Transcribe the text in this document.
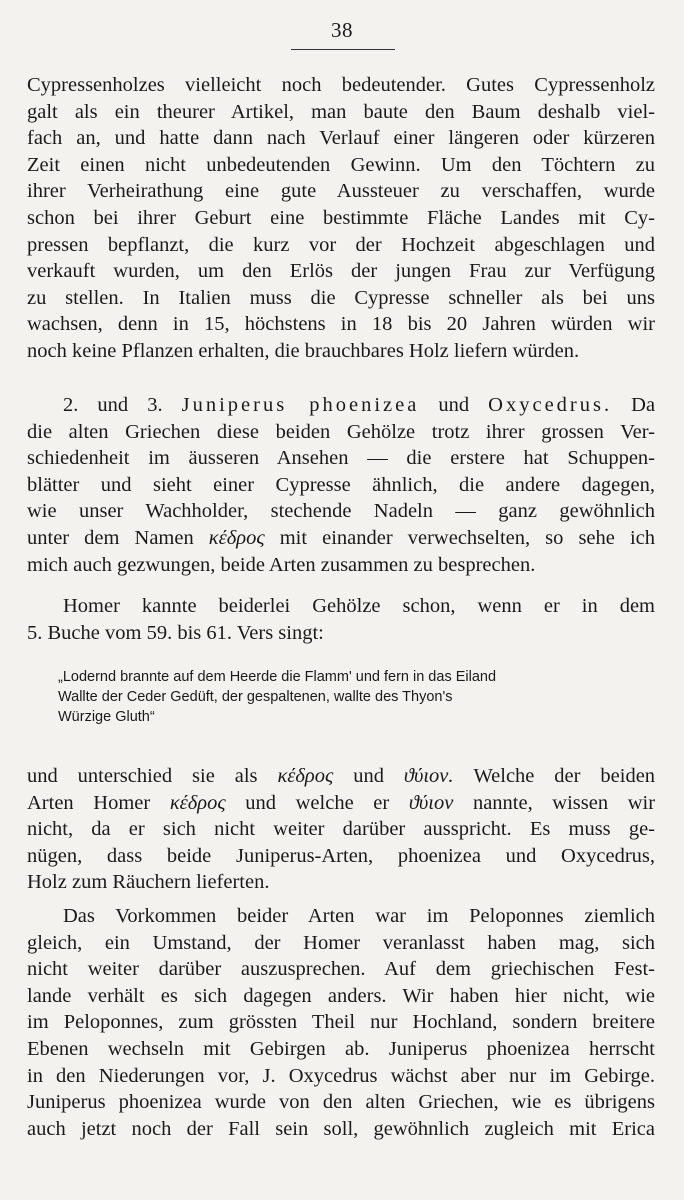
38
Cypressenholzes vielleicht noch bedeutender. Gutes Cypressenholz
galt als ein theurer Artikel, man baute den Baum deshalb viel-
fach an, und hatte dann nach Verlauf einer längeren oder kürzeren
Zeit einen nicht unbedeutenden Gewinn. Um den Töchtern zu
ihrer Verheirathung eine gute Aussteuer zu verschaffen, wurde
schon bei ihrer Geburt eine bestimmte Fläche Landes mit Cy-
pressen bepflanzt, die kurz vor der Hochzeit abgeschlagen und
verkauft wurden, um den Erlös der jungen Frau zur Verfügung
zu stellen. In Italien muss die Cypresse schneller als bei uns
wachsen, denn in 15, höchstens in 18 bis 20 Jahren würden wir
noch keine Pflanzen erhalten, die brauchbares Holz liefern würden.
2. und 3. Juniperus phoenizea und Oxycedrus. Da
die alten Griechen diese beiden Gehölze trotz ihrer grossen Ver-
schiedenheit im äusseren Ansehen — die erstere hat Schuppen-
blätter und sieht einer Cypresse ähnlich, die andere dagegen,
wie unser Wachholder, stechende Nadeln — ganz gewöhnlich
unter dem Namen κέδρος mit einander verwechselten, so sehe ich
mich auch gezwungen, beide Arten zusammen zu besprechen.
Homer kannte beiderlei Gehölze schon, wenn er in dem
5. Buche vom 59. bis 61. Vers singt:
„Lodernd brannte auf dem Heerde die Flamm' und fern in das Eiland
Wallte der Ceder Gedüft, der gespaltenen, wallte des Thyon's
Würzige Gluth“
und unterschied sie als κέδρος und ϑύιον. Welche der beiden
Arten Homer κέδρος und welche er ϑύιον nannte, wissen wir
nicht, da er sich nicht weiter darüber ausspricht. Es muss ge-
nügen, dass beide Juniperus-Arten, phoenizea und Oxycedrus,
Holz zum Räuchern lieferten.
Das Vorkommen beider Arten war im Peloponnes ziemlich
gleich, ein Umstand, der Homer veranlasst haben mag, sich
nicht weiter darüber auszusprechen. Auf dem griechischen Fest-
lande verhält es sich dagegen anders. Wir haben hier nicht, wie
im Peloponnes, zum grössten Theil nur Hochland, sondern breitere
Ebenen wechseln mit Gebirgen ab. Juniperus phoenizea herrscht
in den Niederungen vor, J. Oxycedrus wächst aber nur im Gebirge.
Juniperus phoenizea wurde von den alten Griechen, wie es übrigens
auch jetzt noch der Fall sein soll, gewöhnlich zugleich mit Erica
